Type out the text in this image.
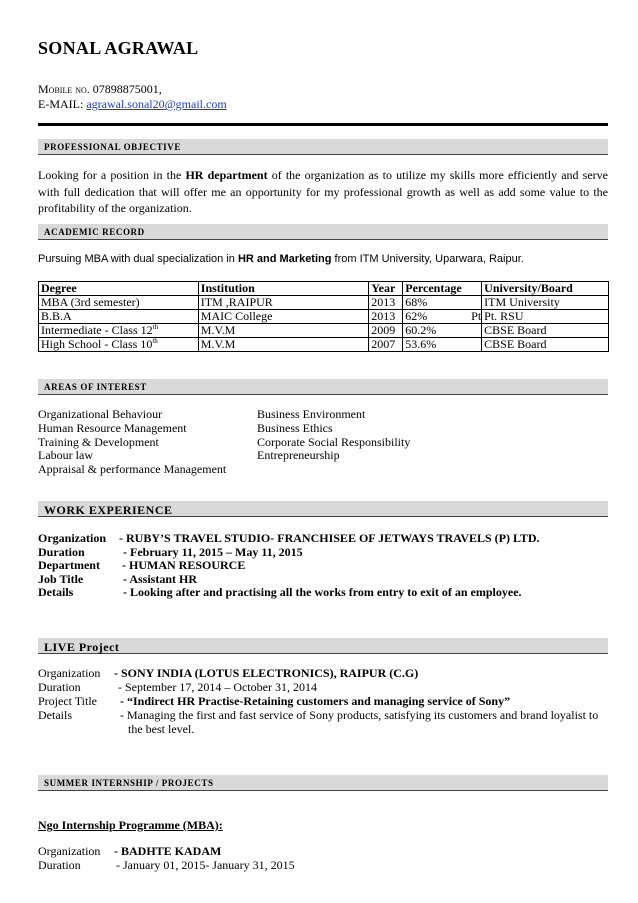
SONAL AGRAWAL
Mobile no. 07898875001,
E-MAIL: agrawal.sonal20@gmail.com
PROFESSIONAL OBJECTIVE
Looking for a position in the HR department of the organization as to utilize my skills more efficiently and serve with full dedication that will offer me an opportunity for my professional growth as well as add some value to the profitability of the organization.
ACADEMIC RECORD
Pursuing MBA with dual specialization in HR and Marketing from ITM University, Uparwara, Raipur.
Degree	Institution	Year	Percentage	University/Board
MBA (3rd semester)	ITM ,RAIPUR	2013	68%	ITM University
B.B.A	MAIC College	2013	62% Pt	Pt. RSU
Intermediate - Class 12th	M.V.M	2009	60.2%	CBSE Board
High School - Class 10th	M.V.M	2007	53.6%	CBSE Board
AREAS OF INTEREST
Organizational Behaviour
Human Resource Management
Training & Development
Labour law
Appraisal & performance Management
Business Environment
Business Ethics
Corporate Social Responsibility
Entrepreneurship
WORK EXPERIENCE
Organization - RUBY’S TRAVEL STUDIO- FRANCHISEE OF JETWAYS TRAVELS (P) LTD.
Duration	- February 11, 2015 – May 11, 2015
Department - HUMAN RESOURCE
Job Title	- Assistant HR
Details	- Looking after and practising all the works from entry to exit of an employee.
LIVE Project
Organization - SONY INDIA (LOTUS ELECTRONICS), RAIPUR (C.G)
Duration	- September 17, 2014 – October 31, 2014
Project Title - “Indirect HR Practise-Retaining customers and managing service of Sony”
Details	- Managing the first and fast service of Sony products, satisfying its customers and brand loyalist to
the best level.
SUMMER INTERNSHIP / PROJECTS
Ngo Internship Programme (MBA):
Organization - BADHTE KADAM
Duration	- January 01, 2015- January 31, 2015
